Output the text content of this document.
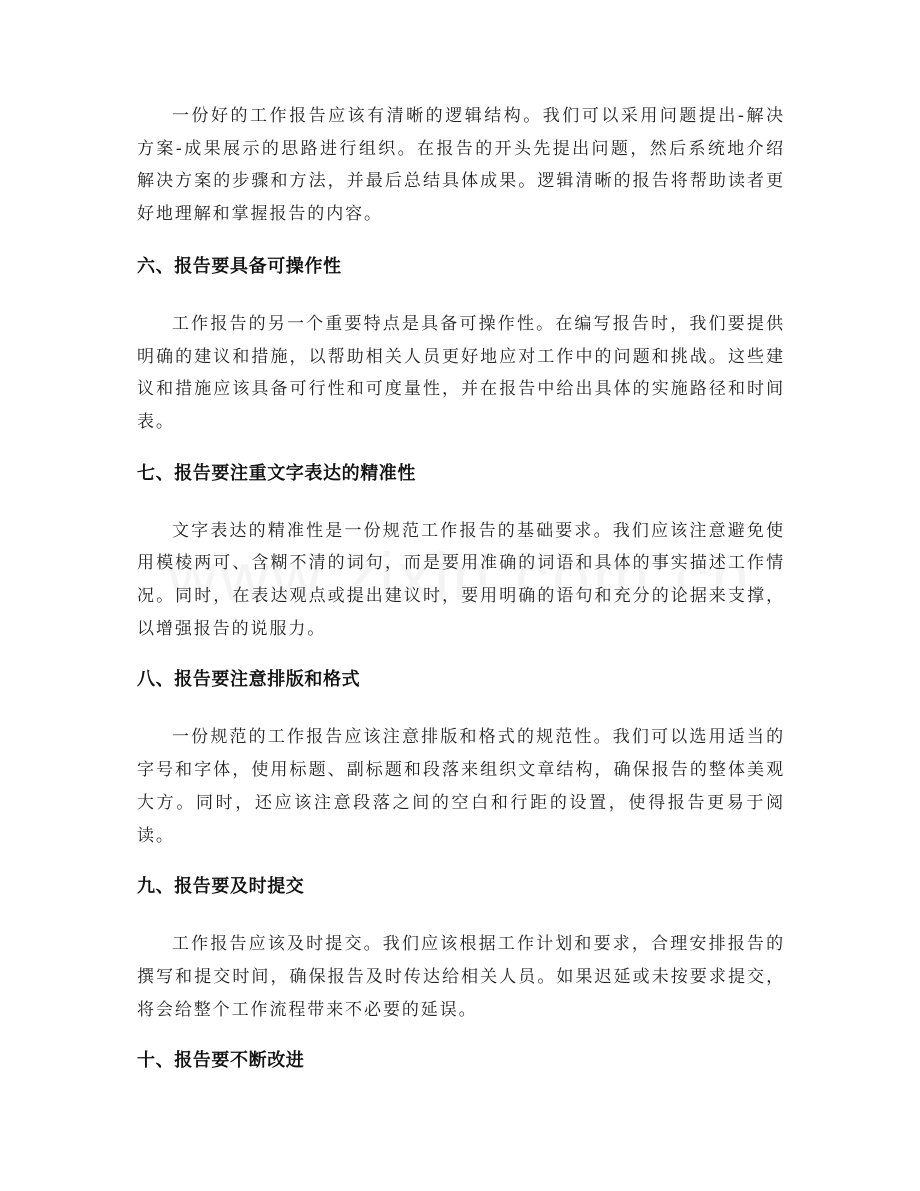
一份好的工作报告应该有清晰的逻辑结构。我们可以采用问题提出-解决方案-成果展示的思路进行组织。在报告的开头先提出问题，然后系统地介绍解决方案的步骤和方法，并最后总结具体成果。逻辑清晰的报告将帮助读者更好地理解和掌握报告的内容。

六、报告要具备可操作性

工作报告的另一个重要特点是具备可操作性。在编写报告时，我们要提供明确的建议和措施，以帮助相关人员更好地应对工作中的问题和挑战。这些建议和措施应该具备可行性和可度量性，并在报告中给出具体的实施路径和时间表。

七、报告要注重文字表达的精准性

文字表达的精准性是一份规范工作报告的基础要求。我们应该注意避免使用模棱两可、含糊不清的词句，而是要用准确的词语和具体的事实描述工作情况。同时，在表达观点或提出建议时，要用明确的语句和充分的论据来支撑，以增强报告的说服力。

八、报告要注意排版和格式

一份规范的工作报告应该注意排版和格式的规范性。我们可以选用适当的字号和字体，使用标题、副标题和段落来组织文章结构，确保报告的整体美观大方。同时，还应该注意段落之间的空白和行距的设置，使得报告更易于阅读。

九、报告要及时提交

工作报告应该及时提交。我们应该根据工作计划和要求，合理安排报告的撰写和提交时间，确保报告及时传达给相关人员。如果迟延或未按要求提交，将会给整个工作流程带来不必要的延误。

十、报告要不断改进
